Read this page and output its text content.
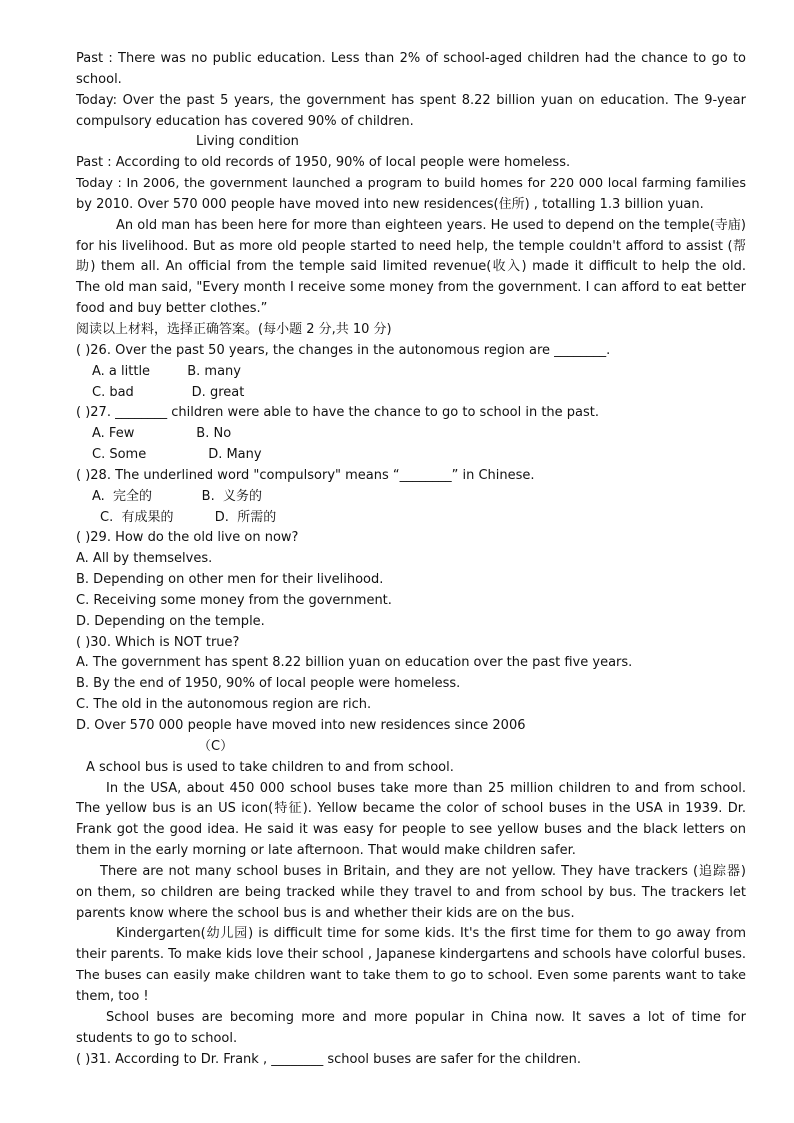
Past : There was no public education. Less than 2% of school-aged children had the chance to go to
school.
Today: Over the past 5 years, the government has spent 8.22 billion yuan on education. The 9-year
compulsory education has covered 90% of children.
Living condition
Past : According to old records of 1950, 90% of local people were homeless.
Today : In 2006, the government launched a program to build homes for 220 000 local farming families
by 2010. Over 570 000 people have moved into new residences(住所) , totalling 1.3 billion yuan.
An old man has been here for more than eighteen years. He used to depend on the temple(寺庙)
for his livelihood. But as more old people started to need help, the temple couldn't afford to assist (帮
助) them all. An official from the temple said limited revenue(收入) made it difficult to help the old.
The old man said, "Every month I receive some money from the government. I can afford to eat better
food and buy better clothes.”
阅读以上材料，选择正确答案。(每小题 2 分,共 10 分)
( )26. Over the past 50 years, the changes in the autonomous region are ________.
A. a little         B. many
C. bad              D. great
( )27. ________ children were able to have the chance to go to school in the past.
A. Few               B. No
C. Some               D. Many
( )28. The underlined word "compulsory" means “________” in Chinese.
A.  完全的            B.  义务的
C.  有成果的          D.  所需的
( )29. How do the old live on now?
A. All by themselves.
B. Depending on other men for their livelihood.
C. Receiving some money from the government.
D. Depending on the temple.
( )30. Which is NOT true?
A. The government has spent 8.22 billion yuan on education over the past five years.
B. By the end of 1950, 90% of local people were homeless.
C. The old in the autonomous region are rich.
D. Over 570 000 people have moved into new residences since 2006
（C）
A school bus is used to take children to and from school.
In the USA, about 450 000 school buses take more than 25 million children to and from school.
The yellow bus is an US icon(特征). Yellow became the color of school buses in the USA in 1939. Dr.
Frank got the good idea. He said it was easy for people to see yellow buses and the black letters on
them in the early morning or late afternoon. That would make children safer.
There are not many school buses in Britain, and they are not yellow. They have trackers (追踪器)
on them, so children are being tracked while they travel to and from school by bus. The trackers let
parents know where the school bus is and whether their kids are on the bus.
Kindergarten(幼儿园) is difficult time for some kids. It's the first time for them to go away from
their parents. To make kids love their school , Japanese kindergartens and schools have colorful buses.
The buses can easily make children want to take them to go to school. Even some parents want to take
them, too !
School buses are becoming more and more popular in China now. It saves a lot of time for
students to go to school.
( )31. According to Dr. Frank , ________ school buses are safer for the children.
